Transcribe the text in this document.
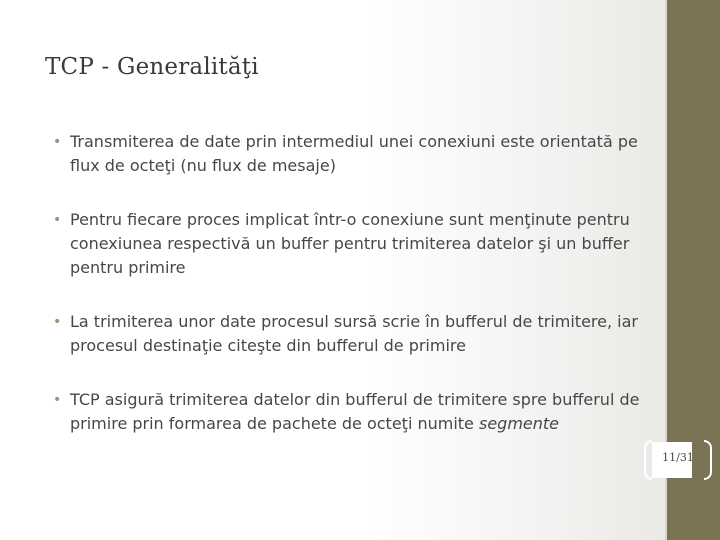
TCP - Generalităţi
• Transmiterea de date prin intermediul unei conexiuni este orientată pe flux de octeţi (nu flux de mesaje)
• Pentru fiecare proces implicat într-o conexiune sunt menţinute pentru conexiunea respectivă un buffer pentru trimiterea datelor şi un buffer pentru primire
• La trimiterea unor date procesul sursă scrie în bufferul de trimitere, iar procesul destinaţie citeşte din bufferul de primire
• TCP asigură trimiterea datelor din bufferul de trimitere spre bufferul de primire prin formarea de pachete de octeţi numite segmente
11/31
